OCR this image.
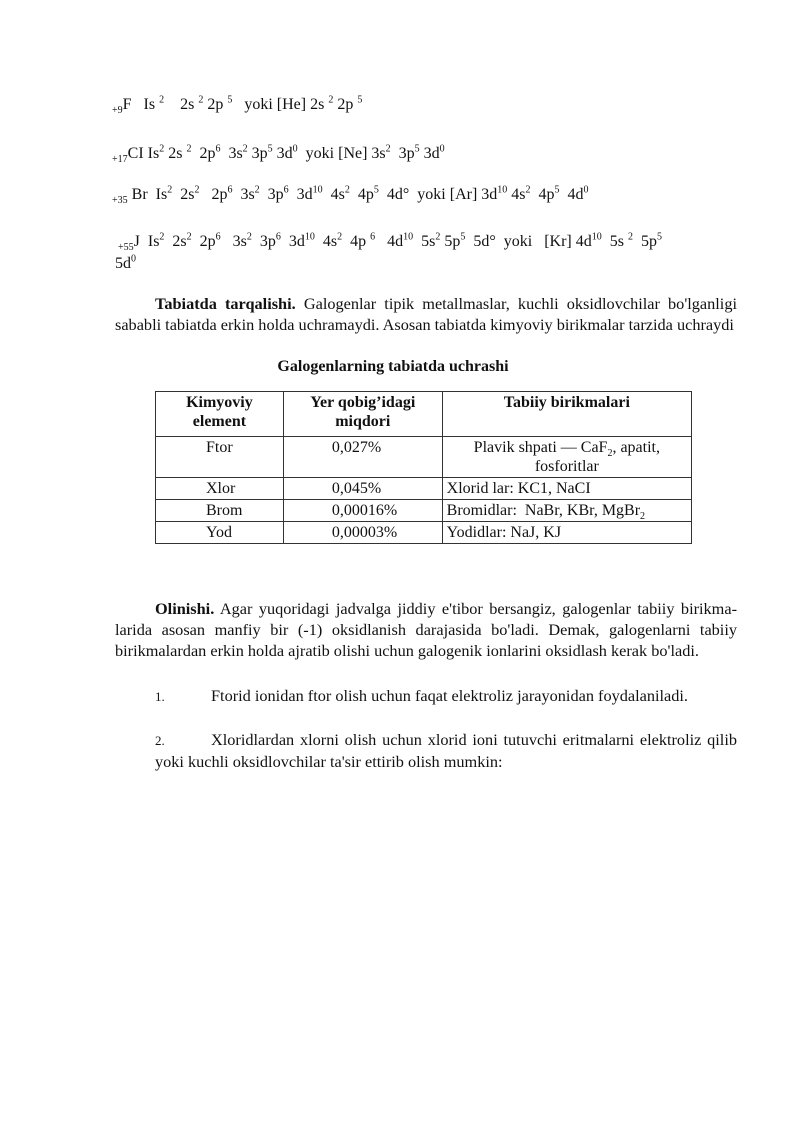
$_{+9}$F   Is $^2$    2s $^2$ 2p $^5$   yoki [He] 2s $^2$ 2p $^5$
$_{+17}$CI Is$^2$ 2s $^2$  $2p^6$  $3s^2$ $3p^5$ $3d^0$  yoki [Ne] $3s^2$  $3p^5$ $3d^0$
$_{+35}$ Br  Is$^2$  $2s^2$   $2p^6$  $3s^2$  $3p^6$  $3d^{10}$  $4s^2$  $4p^5$  4d°  yoki [Ar] $3d^{10}$ $4s^2$  $4p^5$  $4d^0$
$_{+55}$J  Is$^2$  $2s^2$  $2p^6$   $3s^2$  $3p^6$  $3d^{10}$  $4s^2$  4p $^6$   $4d^{10}$  $5s^2$ $5p^5$  5d°  yoki   [Kr] $4d^{10}$  5s $^2$  $5p^5$
$5d^0$
Tabiatda tarqalishi. Galogenlar tipik metallmaslar, kuchli oksidlovchilar bo'lganligi sababli tabiatda erkin holda uchramaydi. Asosan tabiatda kimyoviy birikmalar tarzida uchraydi
Galogenlarning tabiatda uchrashi
Kimyoviy element	Yer qobig’idagi miqdori	Tabiiy birikmalari
Ftor	0,027%	Plavik shpati — CaF$_2$, apatit, fosforitlar
Xlor	0,045%	Xlorid lar: KC1, NaCI
Brom	0,00016%	Bromidlar:  NaBr, KBr, MgBr$_2$
Yod	0,00003%	Yodidlar: NaJ, KJ
Olinishi. Agar yuqoridagi jadvalga jiddiy e'tibor bersangiz, galogenlar tabiiy birikma- larida asosan manfiy bir (-1) oksidlanish darajasida bo'ladi. Demak, galogenlarni tabiiy birikmalardan erkin holda ajratib olishi uchun galogenik ionlarini oksidlash kerak bo'ladi.
1.	Ftorid ionidan ftor olish uchun faqat elektroliz jarayonidan foydalaniladi.
2.	Xloridlardan xlorni olish uchun xlorid ioni tutuvchi eritmalarni elektroliz qilib yoki kuchli oksidlovchilar ta'sir ettirib olish mumkin:
